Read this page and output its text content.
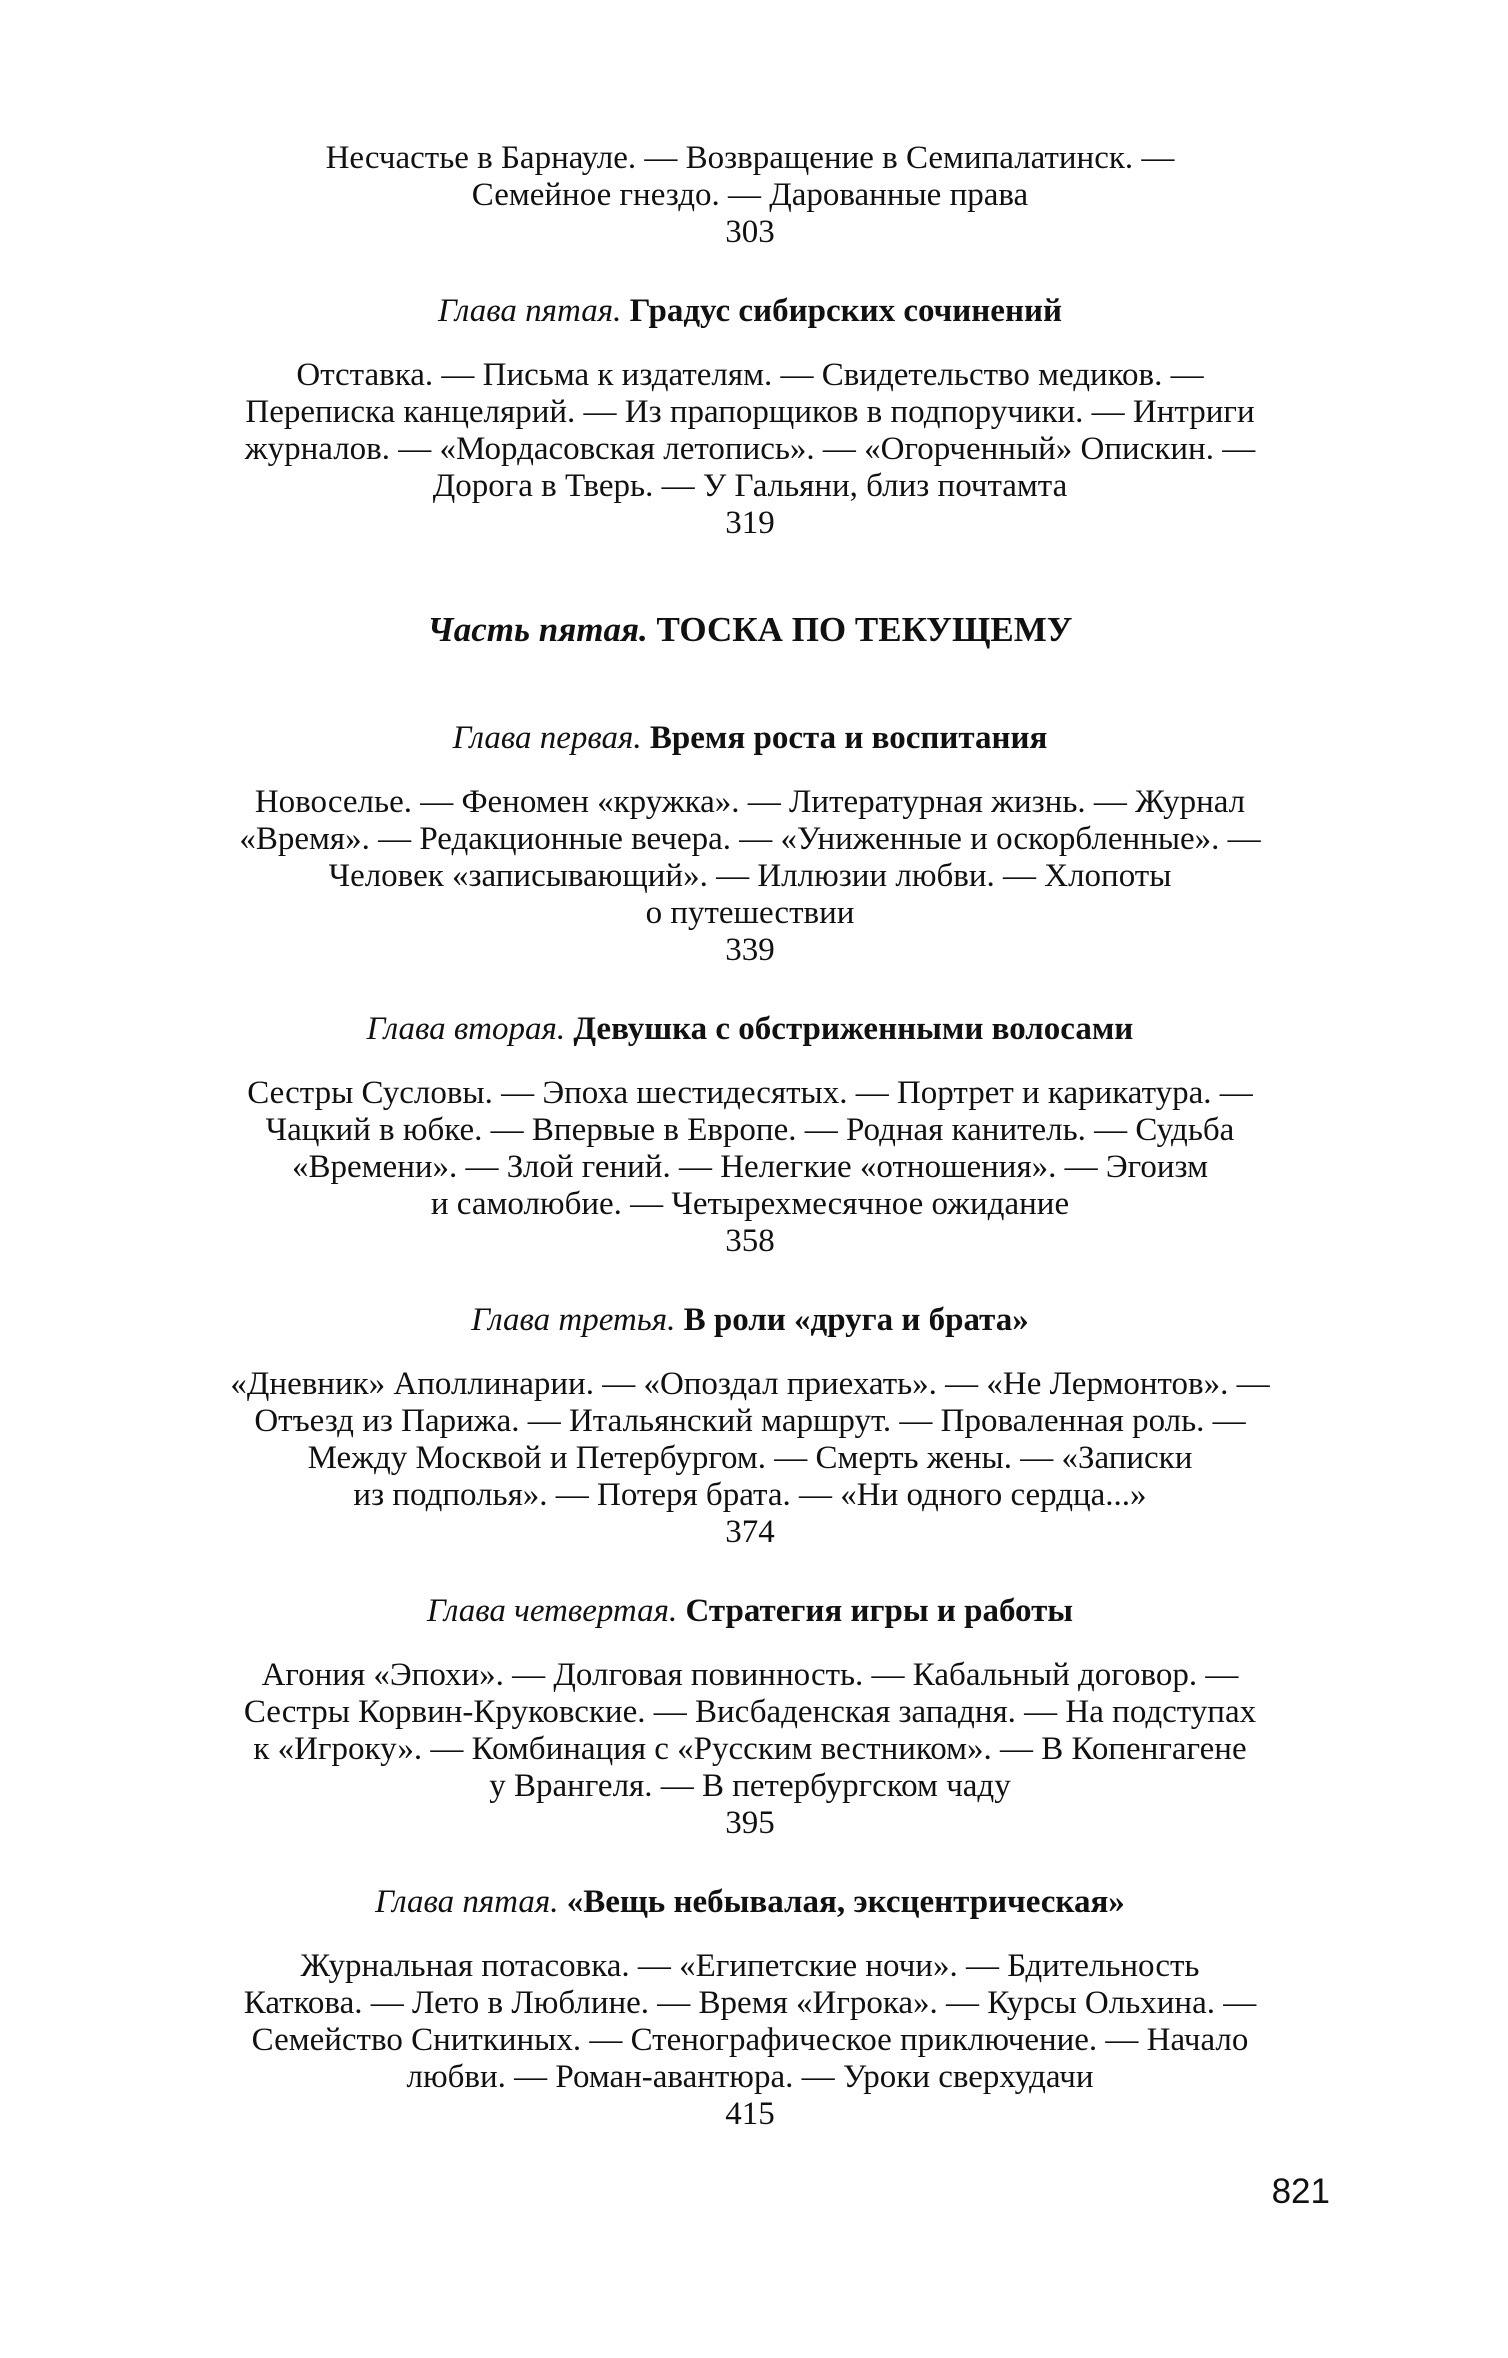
Несчастье в Барнауле. — Возвращение в Семипалатинск. —
Семейное гнездо. — Дарованные права
303
Глава пятая. Градус сибирских сочинений
Отставка. — Письма к издателям. — Свидетельство медиков. —
Переписка канцелярий. — Из прапорщиков в подпоручики. — Интриги
журналов. — «Мордасовская летопись». — «Огорченный» Опискин. —
Дорога в Тверь. — У Гальяни, близ почтамта
319
Часть пятая. ТОСКА ПО ТЕКУЩЕМУ
Глава первая. Время роста и воспитания
Новоселье. — Феномен «кружка». — Литературная жизнь. — Журнал
«Время». — Редакционные вечера. — «Униженные и оскорбленные». —
Человек «записывающий». — Иллюзии любви. — Хлопоты
о путешествии
339
Глава вторая. Девушка с обстриженными волосами
Сестры Сусловы. — Эпоха шестидесятых. — Портрет и карикатура. —
Чацкий в юбке. — Впервые в Европе. — Родная канитель. — Судьба
«Времени». — Злой гений. — Нелегкие «отношения». — Эгоизм
и самолюбие. — Четырехмесячное ожидание
358
Глава третья. В роли «друга и брата»
«Дневник» Аполлинарии. — «Опоздал приехать». — «Не Лермонтов». —
Отъезд из Парижа. — Итальянский маршрут. — Проваленная роль. —
Между Москвой и Петербургом. — Смерть жены. — «Записки
из подполья». — Потеря брата. — «Ни одного сердца...»
374
Глава четвертая. Стратегия игры и работы
Агония «Эпохи». — Долговая повинность. — Кабальный договор. —
Сестры Корвин-Круковские. — Висбаденская западня. — На подступах
к «Игроку». — Комбинация с «Русским вестником». — В Копенгагене
у Врангеля. — В петербургском чаду
395
Глава пятая. «Вещь небывалая, эксцентрическая»
Журнальная потасовка. — «Египетские ночи». — Бдительность
Каткова. — Лето в Люблине. — Время «Игрока». — Курсы Ольхина. —
Семейство Сниткиных. — Стенографическое приключение. — Начало
любви. — Роман-авантюра. — Уроки сверхудачи
415
821
